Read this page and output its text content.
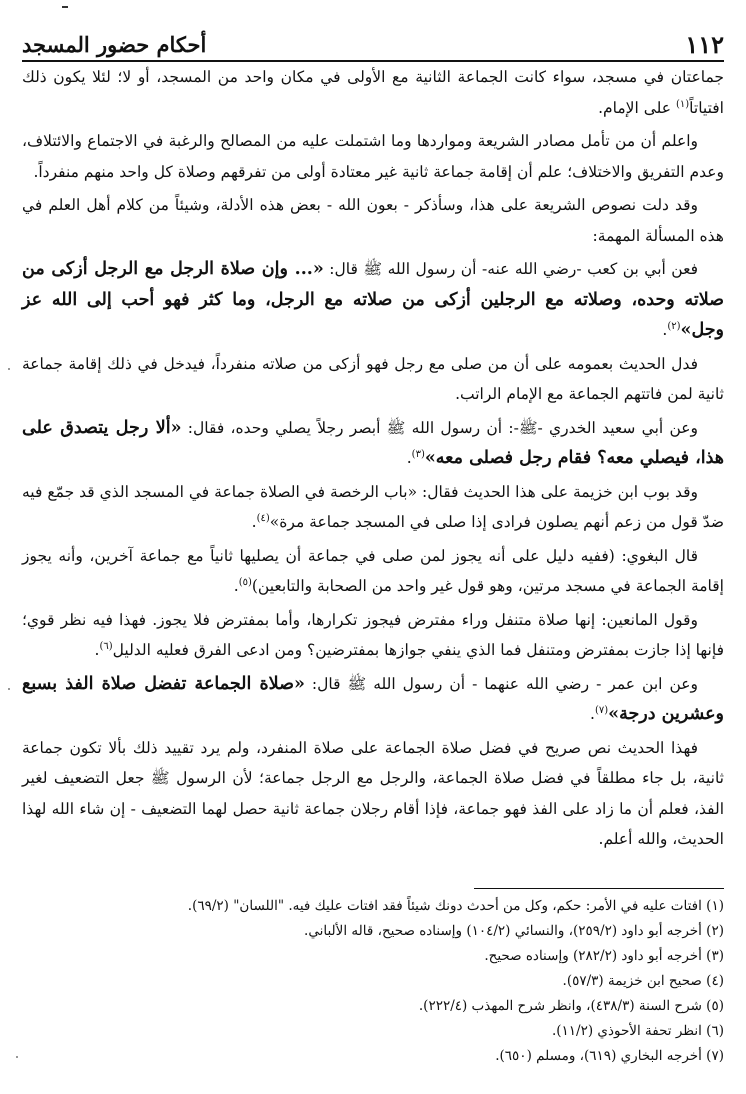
١١٢
أحكام حضور المسجد

جماعتان في مسجد، سواء كانت الجماعة الثانية مع الأولى في مكان واحد من المسجد، أو لا؛ لئلا يكون ذلك افتياتاً$^{(١)}$ على الإمام.

واعلم أن من تأمل مصادر الشريعة ومواردها وما اشتملت عليه من المصالح والرغبة في الاجتماع والائتلاف، وعدم التفريق والاختلاف؛ علم أن إقامة جماعة ثانية غير معتادة أولى من تفرقهم وصلاة كل واحد منهم منفرداً.

وقد دلت نصوص الشريعة على هذا، وسأذكر - بعون الله - بعض هذه الأدلة، وشيئاً من كلام أهل العلم في هذه المسألة المهمة:

فعن أبي بن كعب -رضي الله عنه- أن رسول الله ﷺ قال: «... وإن صلاة الرجل مع الرجل أزكى من صلاته وحده، وصلاته مع الرجلين أزكى من صلاته مع الرجل، وما كثر فهو أحب إلى الله عز وجل»$^{(٢)}$.

فدل الحديث بعمومه على أن من صلى مع رجل فهو أزكى من صلاته منفرداً، فيدخل في ذلك إقامة جماعة ثانية لمن فاتتهم الجماعة مع الإمام الراتب.

وعن أبي سعيد الخدري -ﷺ-: أن رسول الله ﷺ أبصر رجلاً يصلي وحده، فقال: «ألا رجل يتصدق على هذا، فيصلي معه؟ فقام رجل فصلى معه»$^{(٣)}$.

وقد بوب ابن خزيمة على هذا الحديث فقال: «باب الرخصة في الصلاة جماعة في المسجد الذي قد جمّع فيه ضدّ قول من زعم أنهم يصلون فرادى إذا صلى في المسجد جماعة مرة»$^{(٤)}$.

قال البغوي: (ففيه دليل على أنه يجوز لمن صلى في جماعة أن يصليها ثانياً مع جماعة آخرين، وأنه يجوز إقامة الجماعة في مسجد مرتين، وهو قول غير واحد من الصحابة والتابعين)$^{(٥)}$.

وقول المانعين: إنها صلاة متنفل وراء مفترض فيجوز تكرارها، وأما بمفترض فلا يجوز. فهذا فيه نظر قوي؛ فإنها إذا جازت بمفترض ومتنفل فما الذي ينفي جوازها بمفترضين؟ ومن ادعى الفرق فعليه الدليل$^{(٦)}$.

وعن ابن عمر - رضي الله عنهما - أن رسول الله ﷺ قال: «صلاة الجماعة تفضل صلاة الفذ بسبع وعشرين درجة»$^{(٧)}$.

فهذا الحديث نص صريح في فضل صلاة الجماعة على صلاة المنفرد، ولم يرد تقييد ذلك بألا تكون جماعة ثانية، بل جاء مطلقاً في فضل صلاة الجماعة، والرجل مع الرجل جماعة؛ لأن الرسول ﷺ جعل التضعيف لغير الفذ، فعلم أن ما زاد على الفذ فهو جماعة، فإذا أقام رجلان جماعة ثانية حصل لهما التضعيف - إن شاء الله لهذا الحديث، والله أعلم.

(١) افتات عليه في الأمر: حكم، وكل من أحدث دونك شيئاً فقد افتات عليك فيه. "اللسان" (٦٩/٢).
(٢) أخرجه أبو داود (٢٥٩/٢)، والنسائي (١٠٤/٢) وإسناده صحيح، قاله الألباني.
(٣) أخرجه أبو داود (٢٨٢/٢) وإسناده صحيح.
(٤) صحيح ابن خزيمة (٥٧/٣).
(٥) شرح السنة (٤٣٨/٣)، وانظر شرح المهذب (٢٢٢/٤).
(٦) انظر تحفة الأحوذي (١١/٢).
(٧) أخرجه البخاري (٦١٩)، ومسلم (٦٥٠).
